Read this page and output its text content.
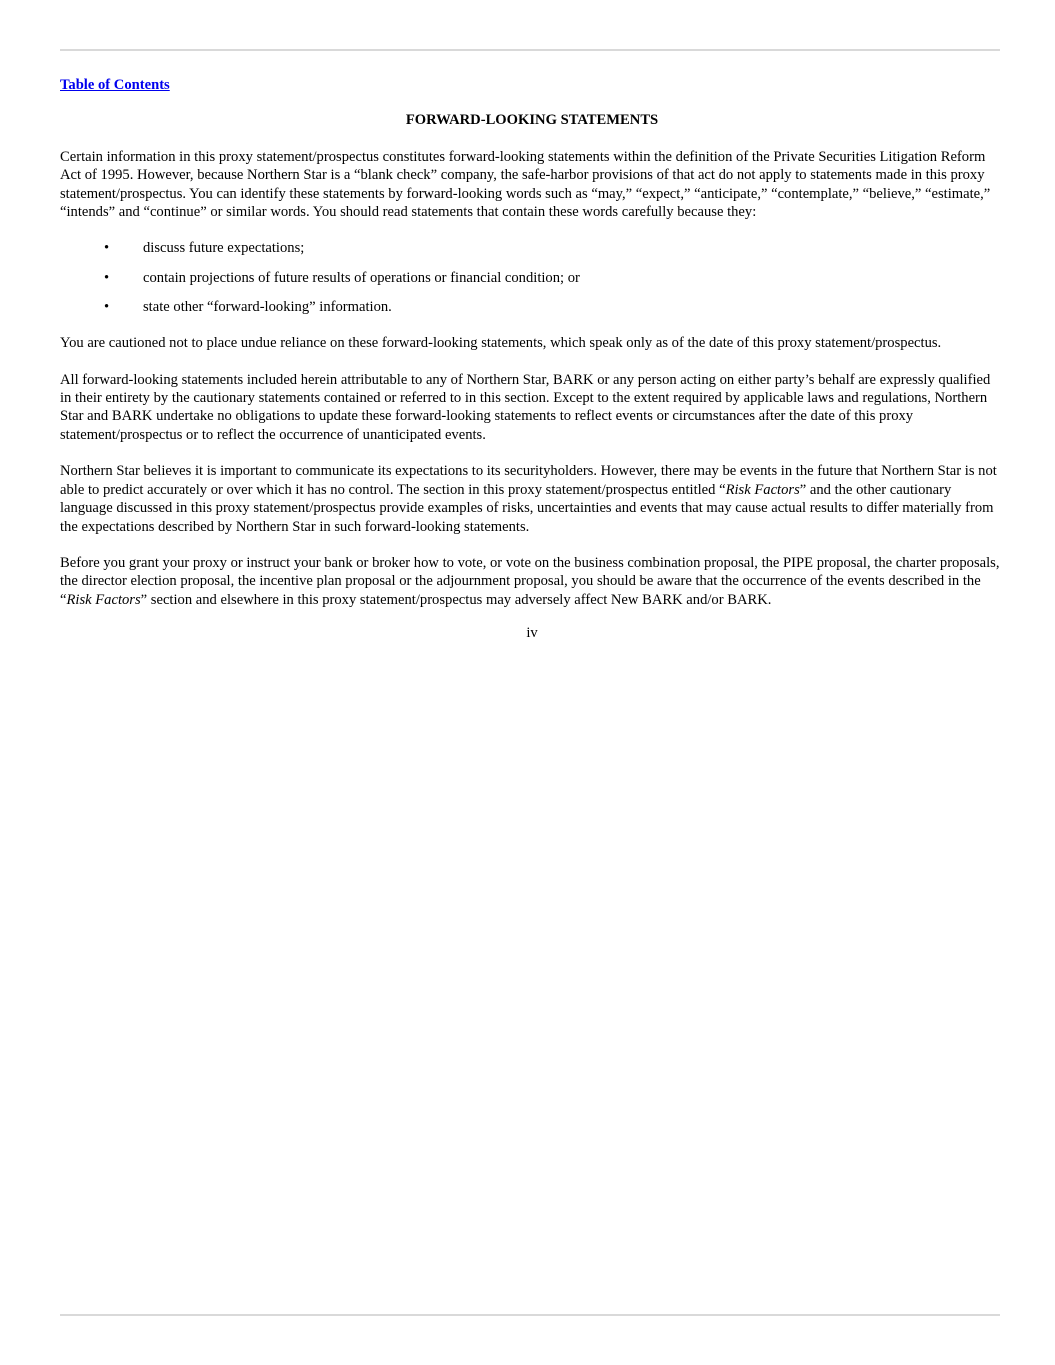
Table of Contents
FORWARD-LOOKING STATEMENTS

Certain information in this proxy statement/prospectus constitutes forward-looking statements within the definition of the Private Securities Litigation Reform Act of 1995. However, because Northern Star is a “blank check” company, the safe-harbor provisions of that act do not apply to statements made in this proxy statement/prospectus. You can identify these statements by forward-looking words such as “may,” “expect,” “anticipate,” “contemplate,” “believe,” “estimate,” “intends” and “continue” or similar words. You should read statements that contain these words carefully because they:

• discuss future expectations;
• contain projections of future results of operations or financial condition; or
• state other “forward-looking” information.

You are cautioned not to place undue reliance on these forward-looking statements, which speak only as of the date of this proxy statement/prospectus.

All forward-looking statements included herein attributable to any of Northern Star, BARK or any person acting on either party’s behalf are expressly qualified in their entirety by the cautionary statements contained or referred to in this section. Except to the extent required by applicable laws and regulations, Northern Star and BARK undertake no obligations to update these forward-looking statements to reflect events or circumstances after the date of this proxy statement/prospectus or to reflect the occurrence of unanticipated events.

Northern Star believes it is important to communicate its expectations to its securityholders. However, there may be events in the future that Northern Star is not able to predict accurately or over which it has no control. The section in this proxy statement/prospectus entitled “Risk Factors” and the other cautionary language discussed in this proxy statement/prospectus provide examples of risks, uncertainties and events that may cause actual results to differ materially from the expectations described by Northern Star in such forward-looking statements.

Before you grant your proxy or instruct your bank or broker how to vote, or vote on the business combination proposal, the PIPE proposal, the charter proposals, the director election proposal, the incentive plan proposal or the adjournment proposal, you should be aware that the occurrence of the events described in the “Risk Factors” section and elsewhere in this proxy statement/prospectus may adversely affect New BARK and/or BARK.

iv
